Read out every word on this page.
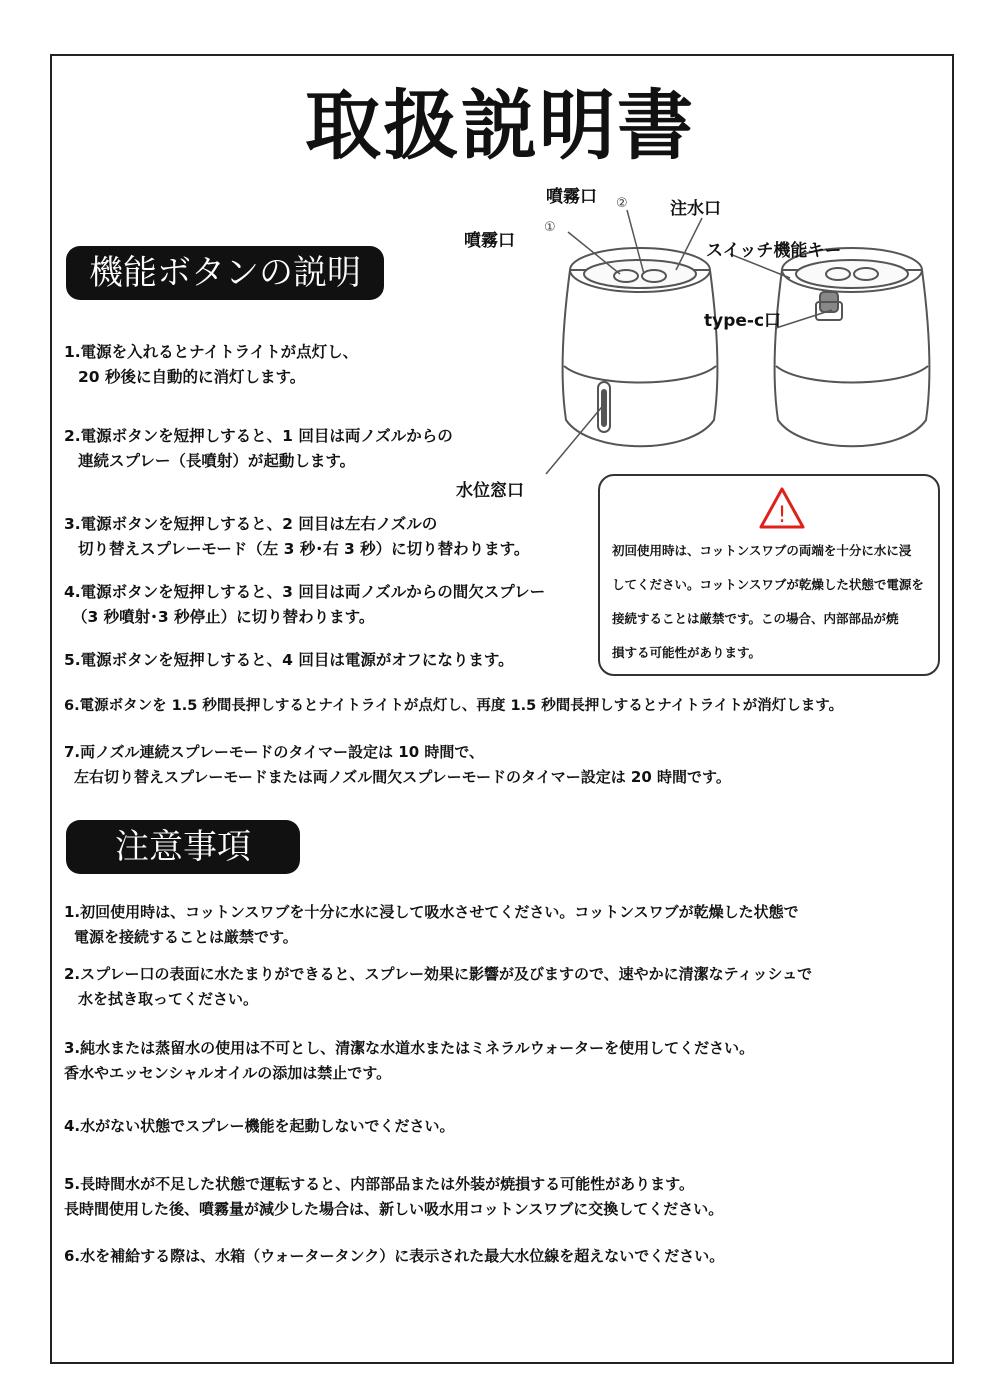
取扱説明書
噴霧口 ②
噴霧口
①
注水口
スイッチ機能キー
type-c口
水位窓口
機能ボタンの説明

1.電源を入れるとナイトライトが点灯し、
20 秒後に自動的に消灯します。

2.電源ボタンを短押しすると、1 回目は両ノズルからの
連続スプレー（長噴射）が起動します。

3.電源ボタンを短押しすると、2 回目は左右ノズルの
切り替えスプレーモード（左 3 秒･右 3 秒）に切り替わります。

4.電源ボタンを短押しすると、3 回目は両ノズルからの間欠スプレー
（3 秒噴射･3 秒停止）に切り替わります。

5.電源ボタンを短押しすると、4 回目は電源がオフになります。

6.電源ボタンを 1.5 秒間長押しするとナイトライトが点灯し、再度 1.5 秒間長押しするとナイトライトが消灯します。

7.両ノズル連続スプレーモードのタイマー設定は 10 時間で、
左右切り替えスプレーモードまたは両ノズル間欠スプレーモードのタイマー設定は 20 時間です。

!

初回使用時は、コットンスワブの両端を十分に水に浸
してください。コットンスワブが乾燥した状態で電源を
接続することは厳禁です。この場合、内部部品が焼
損する可能性があります。

注意事項

1.初回使用時は、コットンスワブを十分に水に浸して吸水させてください。コットンスワブが乾燥した状態で
電源を接続することは厳禁です。

2.スプレー口の表面に水たまりができると、スプレー効果に影響が及びますので、速やかに清潔なティッシュで
水を拭き取ってください。

3.純水または蒸留水の使用は不可とし、清潔な水道水またはミネラルウォーターを使用してください。
香水やエッセンシャルオイルの添加は禁止です。

4.水がない状態でスプレー機能を起動しないでください。

5.長時間水が不足した状態で運転すると、内部部品または外装が焼損する可能性があります。
長時間使用した後、噴霧量が減少した場合は、新しい吸水用コットンスワブに交換してください。

6.水を補給する際は、水箱（ウォータータンク）に表示された最大水位線を超えないでください。
